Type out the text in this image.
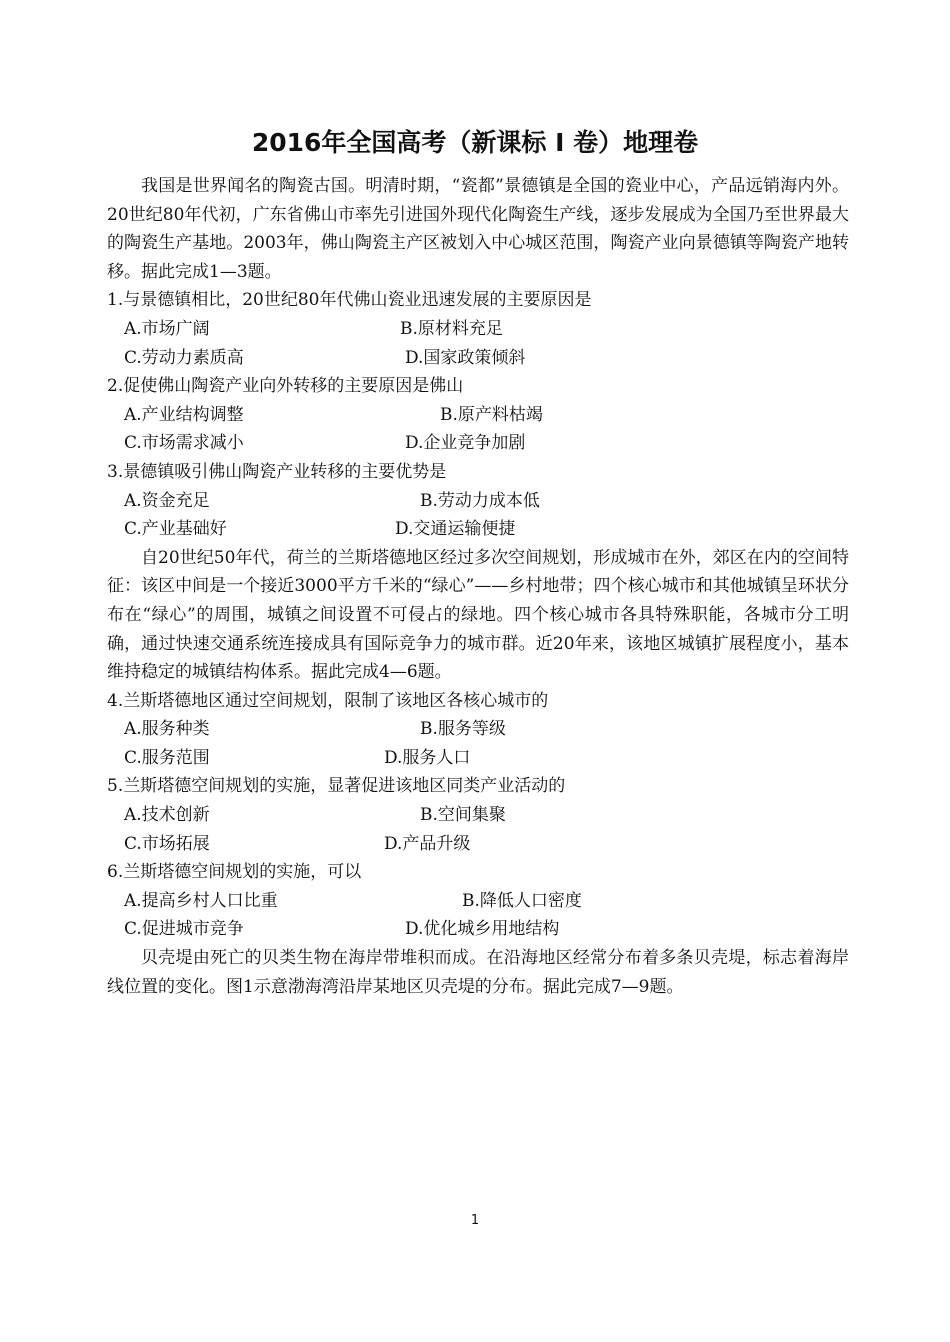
2016年全国高考（新课标 I 卷）地理卷

我国是世界闻名的陶瓷古国。明清时期，“瓷都”景德镇是全国的瓷业中心，产品远销海内外。20世纪80年代初，广东省佛山市率先引进国外现代化陶瓷生产线，逐步发展成为全国乃至世界最大的陶瓷生产基地。2003年，佛山陶瓷主产区被划入中心城区范围，陶瓷产业向景德镇等陶瓷产地转移。据此完成1—3题。

1.与景德镇相比，20世纪80年代佛山瓷业迅速发展的主要原因是

A.市场广阔	B.原材料充足
C.劳动力素质高	D.国家政策倾斜

2.促使佛山陶瓷产业向外转移的主要原因是佛山

A.产业结构调整	B.原产料枯竭
C.市场需求减小	D.企业竞争加剧

3.景德镇吸引佛山陶瓷产业转移的主要优势是

A.资金充足	B.劳动力成本低
C.产业基础好	D.交通运输便捷

自20世纪50年代，荷兰的兰斯塔德地区经过多次空间规划，形成城市在外，郊区在内的空间特征：该区中间是一个接近3000平方千米的“绿心”——乡村地带；四个核心城市和其他城镇呈环状分布在“绿心”的周围，城镇之间设置不可侵占的绿地。四个核心城市各具特殊职能，各城市分工明确，通过快速交通系统连接成具有国际竞争力的城市群。近20年来，该地区城镇扩展程度小，基本维持稳定的城镇结构体系。据此完成4—6题。

4.兰斯塔德地区通过空间规划，限制了该地区各核心城市的

A.服务种类	B.服务等级
C.服务范围	D.服务人口

5.兰斯塔德空间规划的实施，显著促进该地区同类产业活动的

A.技术创新	B.空间集聚
C.市场拓展	D.产品升级

6.兰斯塔德空间规划的实施，可以

A.提高乡村人口比重	B.降低人口密度
C.促进城市竞争	D.优化城乡用地结构

贝壳堤由死亡的贝类生物在海岸带堆积而成。在沿海地区经常分布着多条贝壳堤，标志着海岸线位置的变化。图1示意渤海湾沿岸某地区贝壳堤的分布。据此完成7—9题。

1
